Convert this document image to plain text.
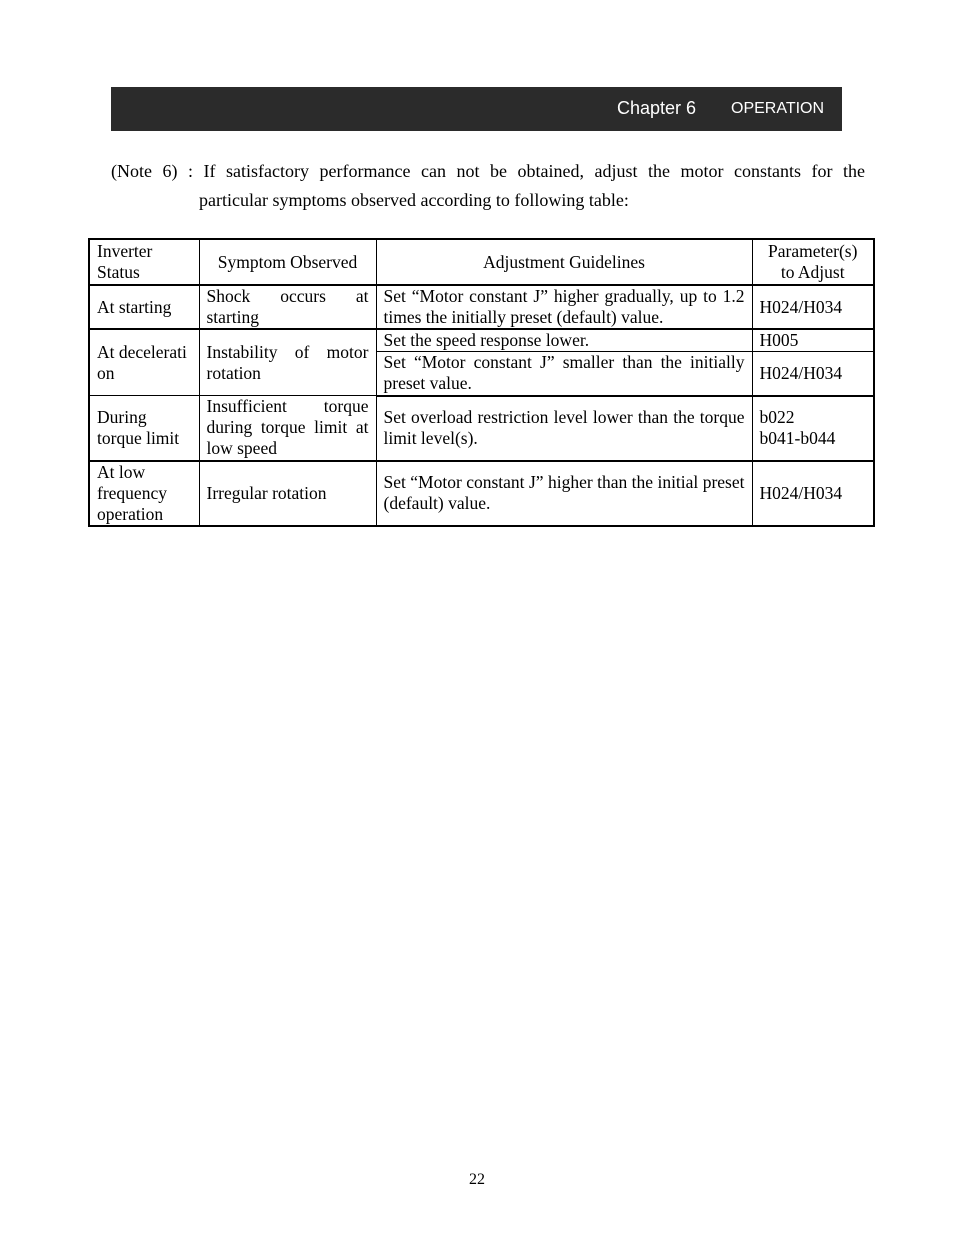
Chapter 6 OPERATION
(Note 6) : If satisfactory performance can not be obtained, adjust the motor constants for the
particular symptoms observed according to following table:
Inverter Status	Symptom Observed	Adjustment Guidelines	Parameter(s) to Adjust
At starting	Shock occurs at starting	Set “Motor constant J” higher gradually, up to 1.2 times the initially preset (default) value.	H024/H034
At deceleration	Instability of motor rotation	Set the speed response lower.	H005
		Set “Motor constant J” smaller than the initially preset value.	H024/H034
During torque limit	Insufficient torque during torque limit at low speed	Set overload restriction level lower than the torque limit level(s).	b022
b041-b044
At low frequency operation	Irregular rotation	Set “Motor constant J” higher than the initial preset (default) value.	H024/H034
22
